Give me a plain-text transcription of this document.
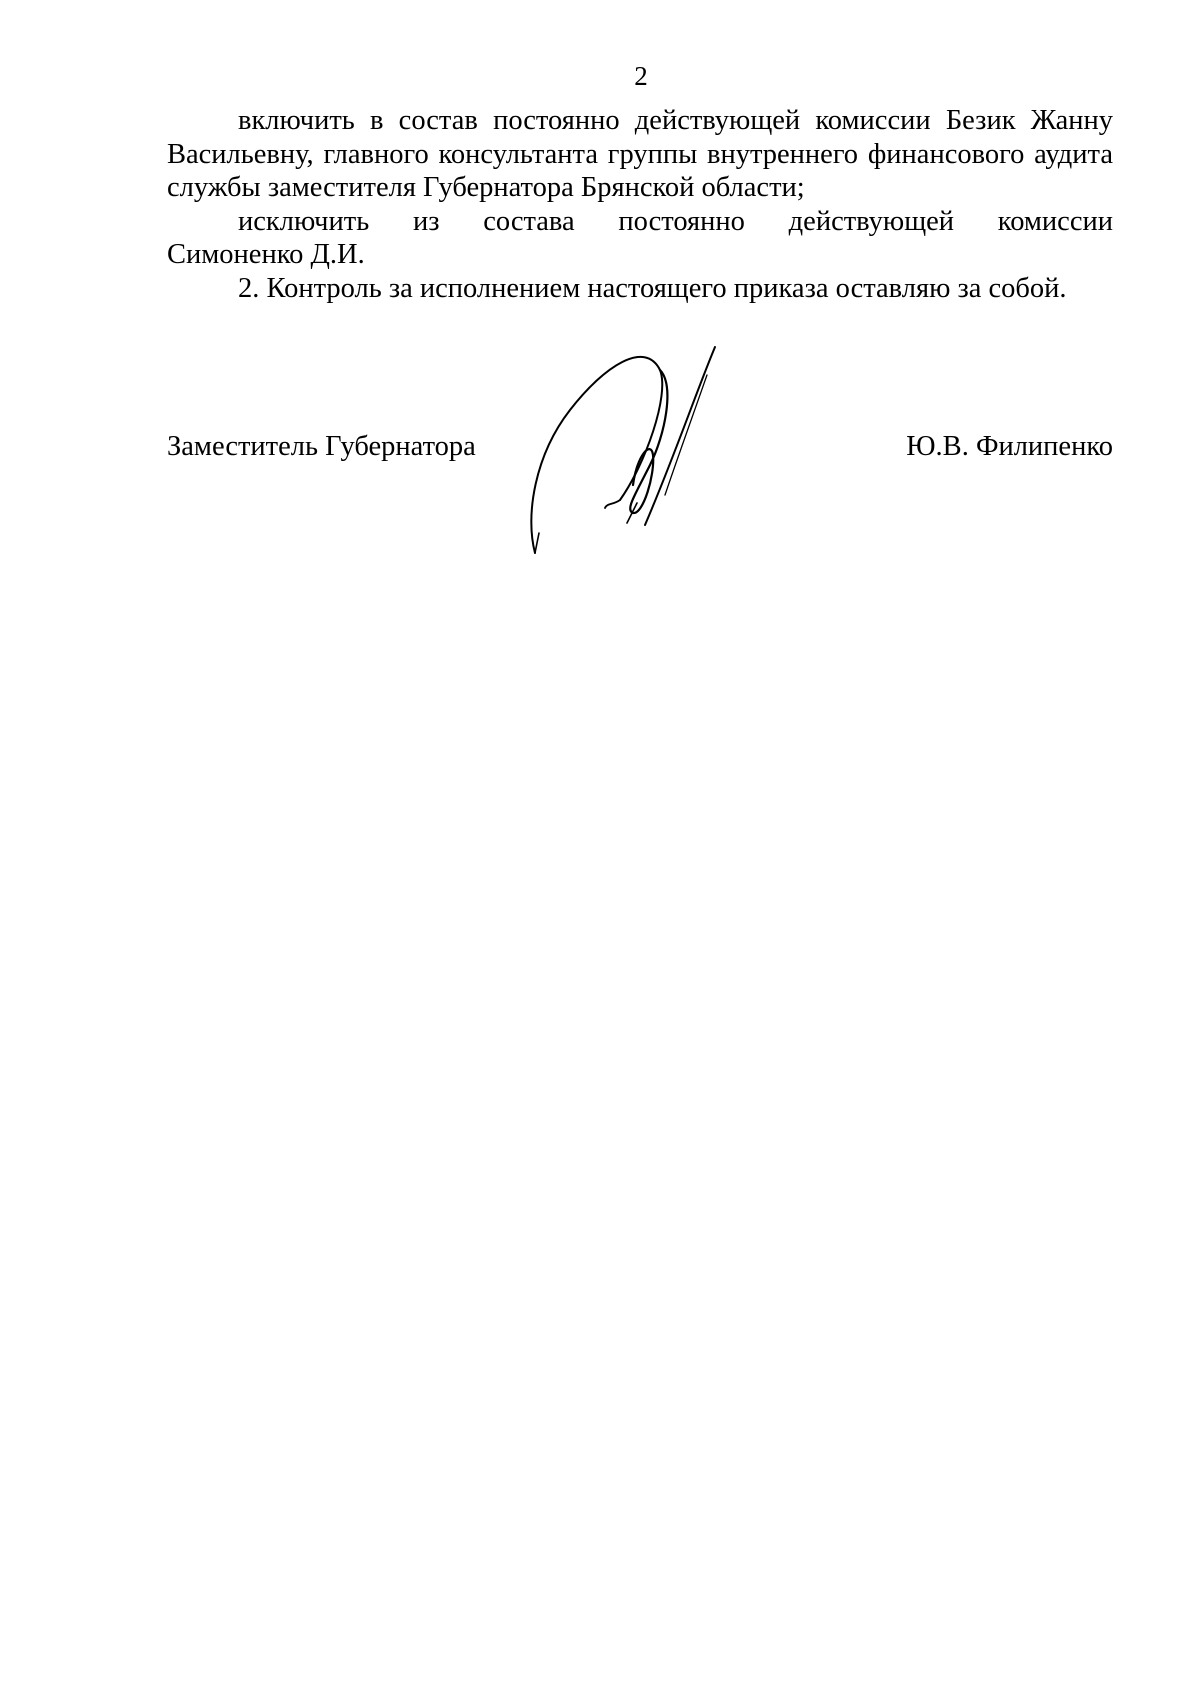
2

включить в состав постоянно действующей комиссии Безик Жанну Васильевну, главного консультанта группы внутреннего финансового аудита службы заместителя Губернатора Брянской области;

исключить из состава постоянно действующей комиссии

Симоненко Д.И.

2. Контроль за исполнением настоящего приказа оставляю за собой.

Заместитель Губернатора	Ю.В. Филипенко
